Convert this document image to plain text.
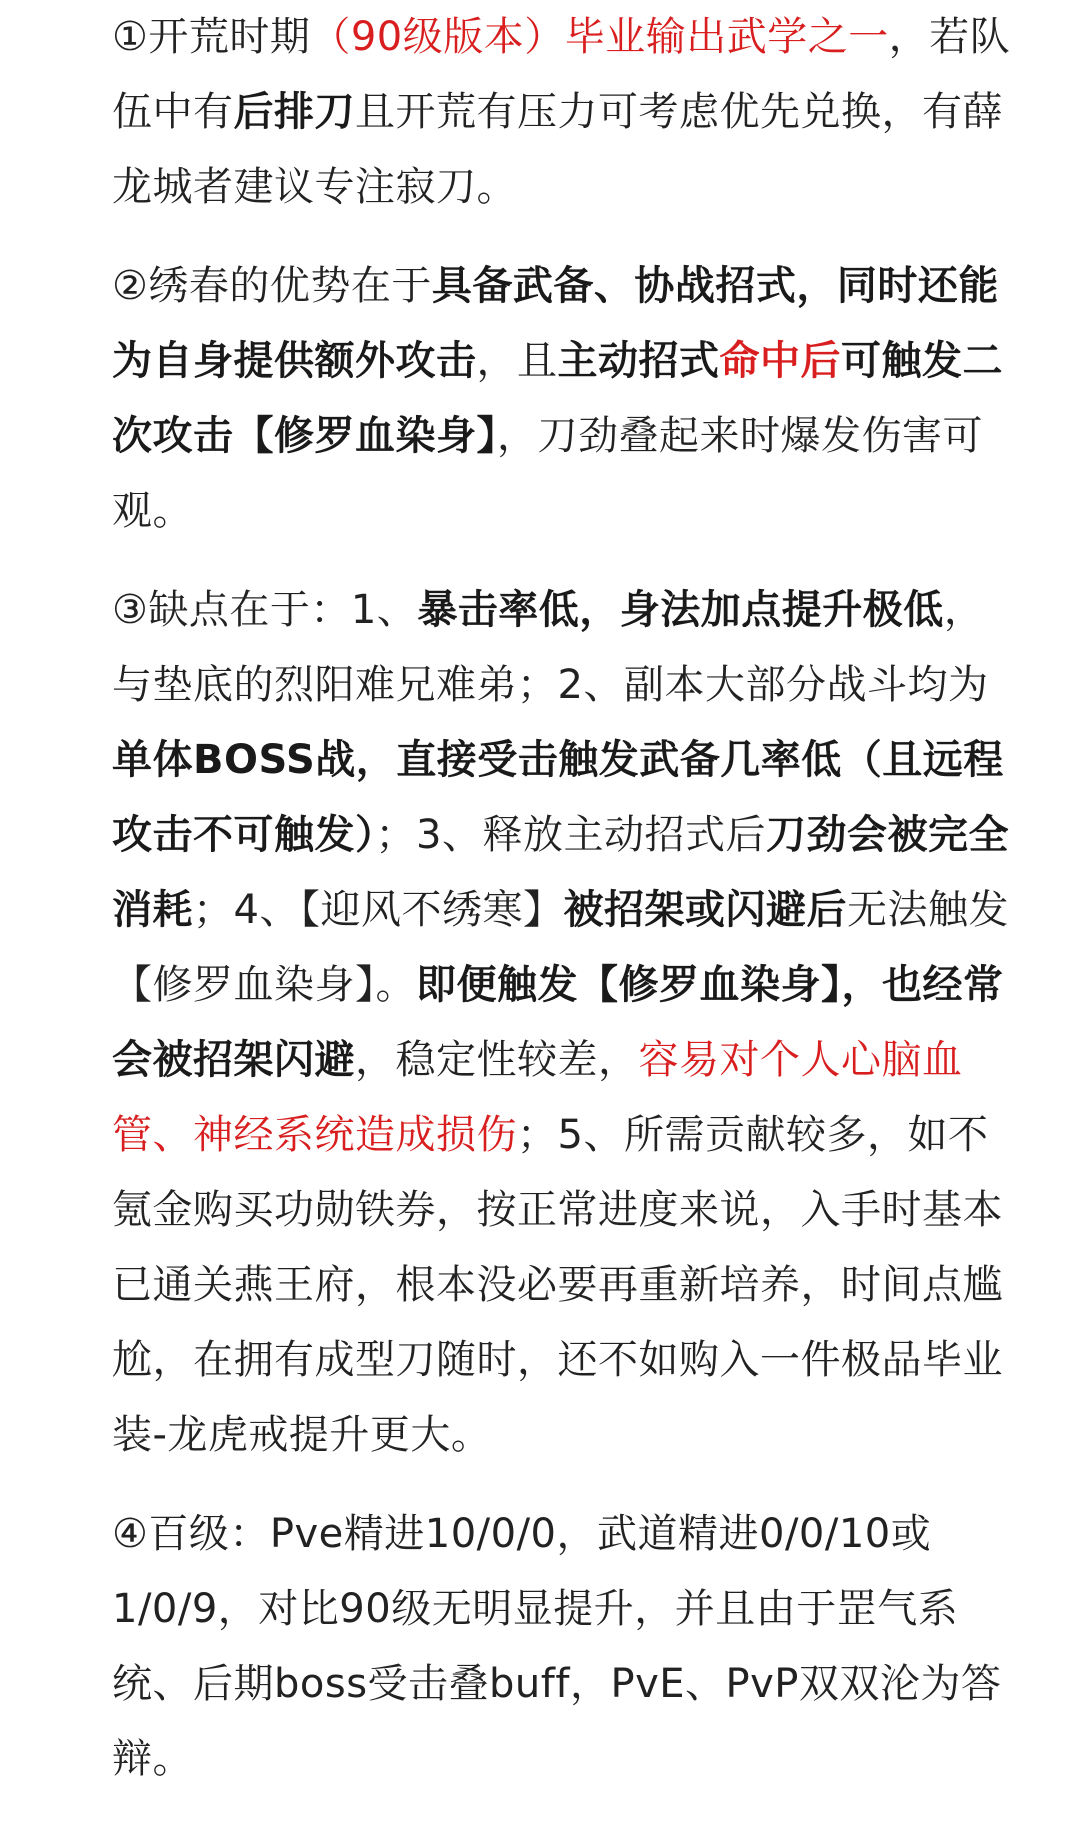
①开荒时期（90级版本）毕业输出武学之一，若队伍中有后排刀且开荒有压力可考虑优先兑换，有薛龙城者建议专注寂刀。

②绣春的优势在于具备武备、协战招式，同时还能为自身提供额外攻击，且主动招式命中后可触发二次攻击【修罗血染身】，刀劲叠起来时爆发伤害可观。

③缺点在于：1、暴击率低，身法加点提升极低，与垫底的烈阳难兄难弟；2、副本大部分战斗均为单体BOSS战，直接受击触发武备几率低（且远程攻击不可触发）；3、释放主动招式后刀劲会被完全消耗；4、【迎风不绣寒】被招架或闪避后无法触发【修罗血染身】。即便触发【修罗血染身】，也经常会被招架闪避，稳定性较差，容易对个人心脑血管、神经系统造成损伤；5、所需贡献较多，如不氪金购买功勋铁券，按正常进度来说，入手时基本已通关燕王府，根本没必要再重新培养，时间点尴尬，在拥有成型刀随时，还不如购入一件极品毕业装-龙虎戒提升更大。

④百级：Pve精进10/0/0，武道精进0/0/10或1/0/9，对比90级无明显提升，并且由于罡气系统、后期boss受击叠buff，PvE、PvP双双沦为答辩。
